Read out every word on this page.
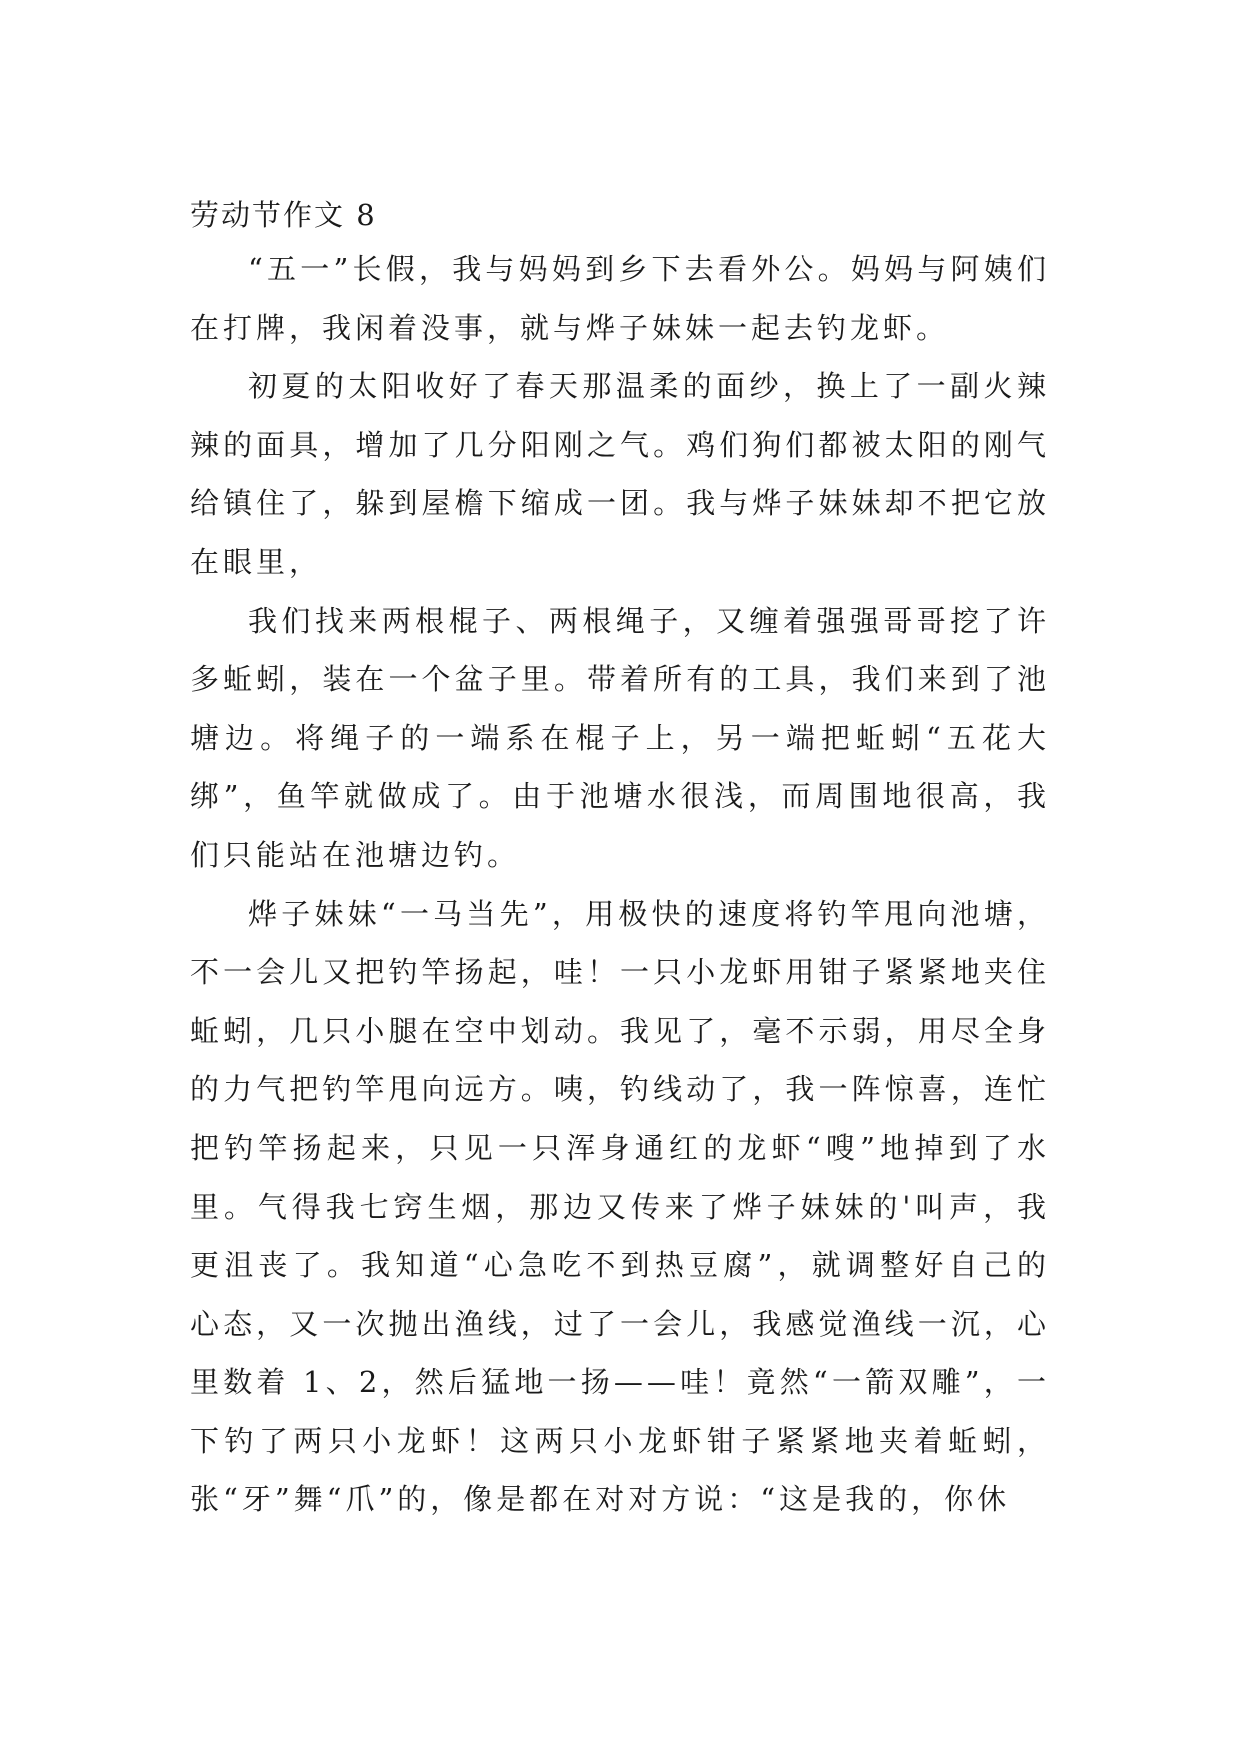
劳动节作文 8

“五一”长假，我与妈妈到乡下去看外公。妈妈与阿姨们在打牌，我闲着没事，就与烨子妹妹一起去钓龙虾。

初夏的太阳收好了春天那温柔的面纱，换上了一副火辣辣的面具，增加了几分阳刚之气。鸡们狗们都被太阳的刚气给镇住了，躲到屋檐下缩成一团。我与烨子妹妹却不把它放在眼里，

我们找来两根棍子、两根绳子，又缠着强强哥哥挖了许多蚯蚓，装在一个盆子里。带着所有的工具，我们来到了池塘边。将绳子的一端系在棍子上，另一端把蚯蚓“五花大绑”，鱼竿就做成了。由于池塘水很浅，而周围地很高，我们只能站在池塘边钓。

烨子妹妹“一马当先”，用极快的速度将钓竿甩向池塘，不一会儿又把钓竿扬起，哇！一只小龙虾用钳子紧紧地夹住蚯蚓，几只小腿在空中划动。我见了，毫不示弱，用尽全身的力气把钓竿甩向远方。咦，钓线动了，我一阵惊喜，连忙把钓竿扬起来，只见一只浑身通红的龙虾“嗖”地掉到了水里。气得我七窍生烟，那边又传来了烨子妹妹的'叫声，我更沮丧了。我知道“心急吃不到热豆腐”，就调整好自己的心态，又一次抛出渔线，过了一会儿，我感觉渔线一沉，心里数着 1、2，然后猛地一扬——哇！竟然“一箭双雕”，一下钓了两只小龙虾！这两只小龙虾钳子紧紧地夹着蚯蚓，张“牙”舞“爪”的，像是都在对对方说：“这是我的，你休
